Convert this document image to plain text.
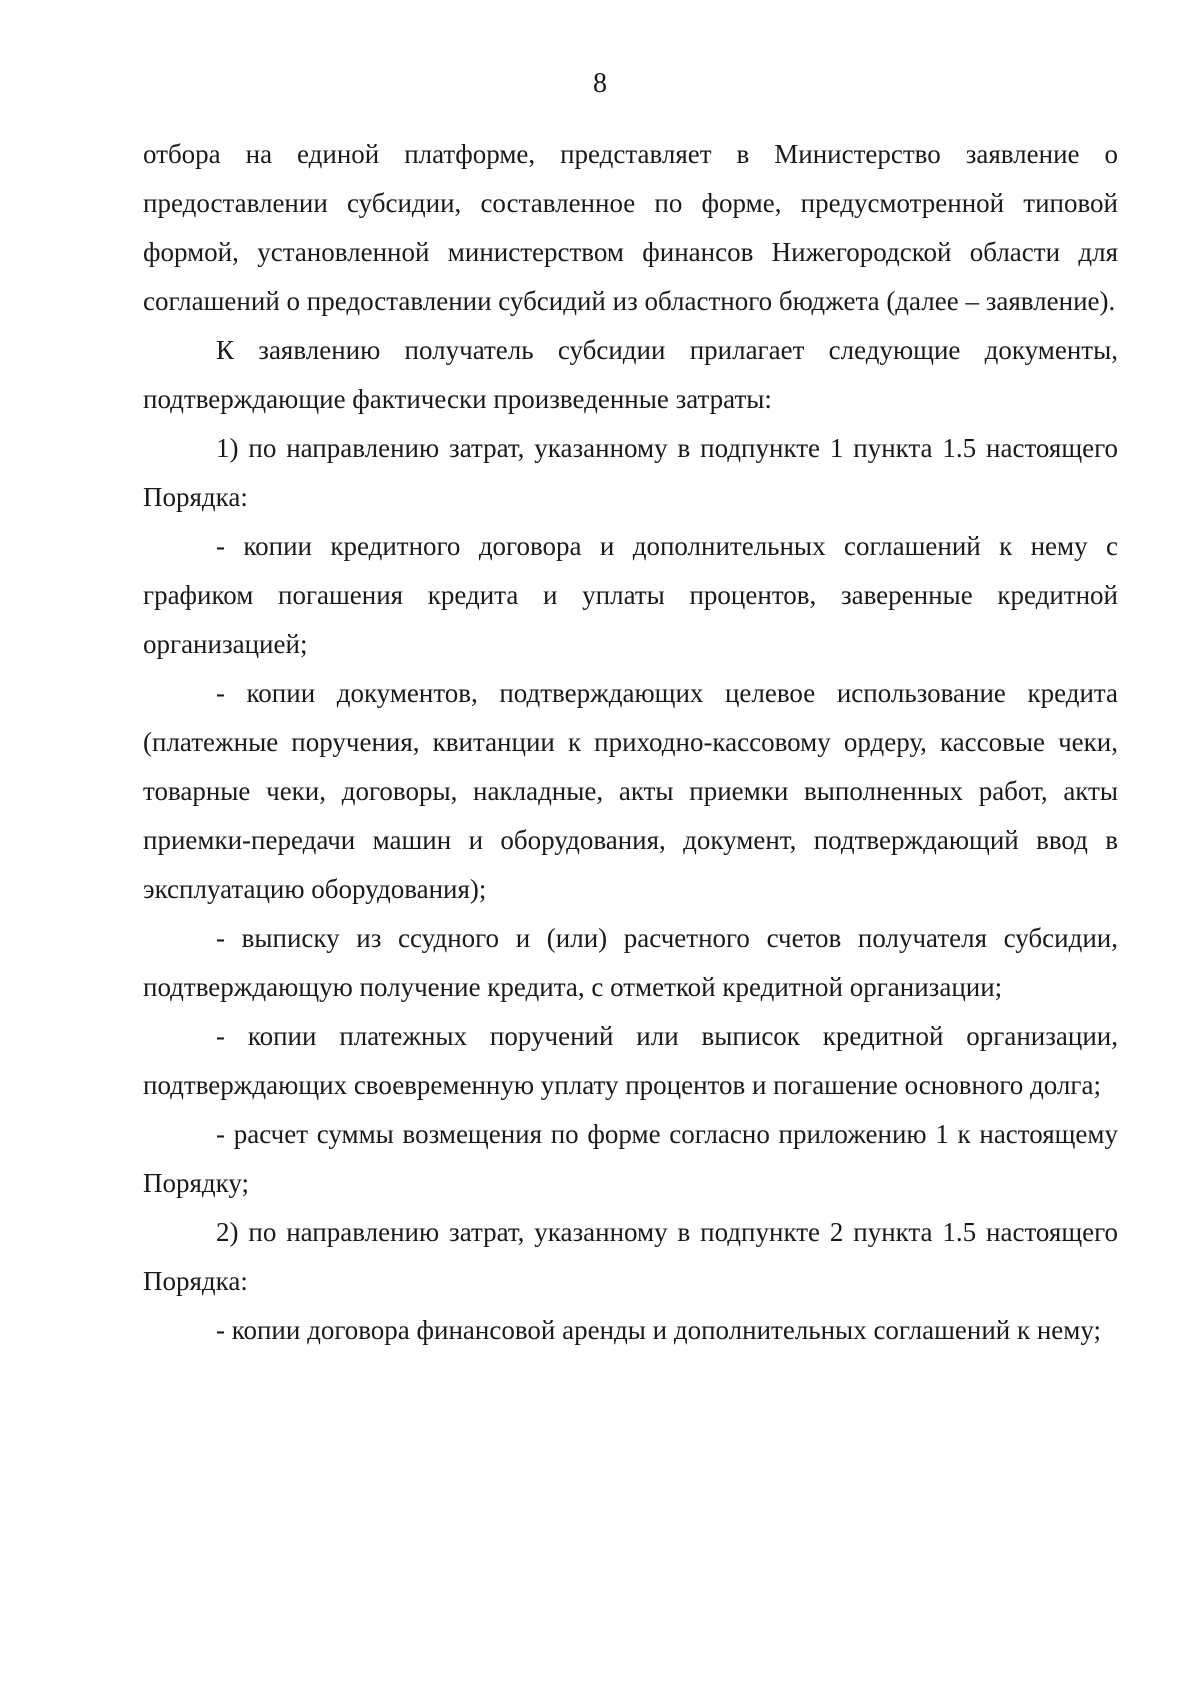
8

отбора на единой платформе, представляет в Министерство заявление о предоставлении субсидии, составленное по форме, предусмотренной типовой формой, установленной министерством финансов Нижегородской области для соглашений о предоставлении субсидий из областного бюджета (далее – заявление).

К заявлению получатель субсидии прилагает следующие документы, подтверждающие фактически произведенные затраты:

1) по направлению затрат, указанному в подпункте 1 пункта 1.5 настоящего Порядка:

- копии кредитного договора и дополнительных соглашений к нему с графиком погашения кредита и уплаты процентов, заверенные кредитной организацией;

- копии документов, подтверждающих целевое использование кредита (платежные поручения, квитанции к приходно-кассовому ордеру, кассовые чеки, товарные чеки, договоры, накладные, акты приемки выполненных работ, акты приемки-передачи машин и оборудования, документ, подтверждающий ввод в эксплуатацию оборудования);

- выписку из ссудного и (или) расчетного счетов получателя субсидии, подтверждающую получение кредита, с отметкой кредитной организации;

- копии платежных поручений или выписок кредитной организации, подтверждающих своевременную уплату процентов и погашение основного долга;

- расчет суммы возмещения по форме согласно приложению 1 к настоящему Порядку;

2) по направлению затрат, указанному в подпункте 2 пункта 1.5 настоящего Порядка:

- копии договора финансовой аренды и дополнительных соглашений к нему;
